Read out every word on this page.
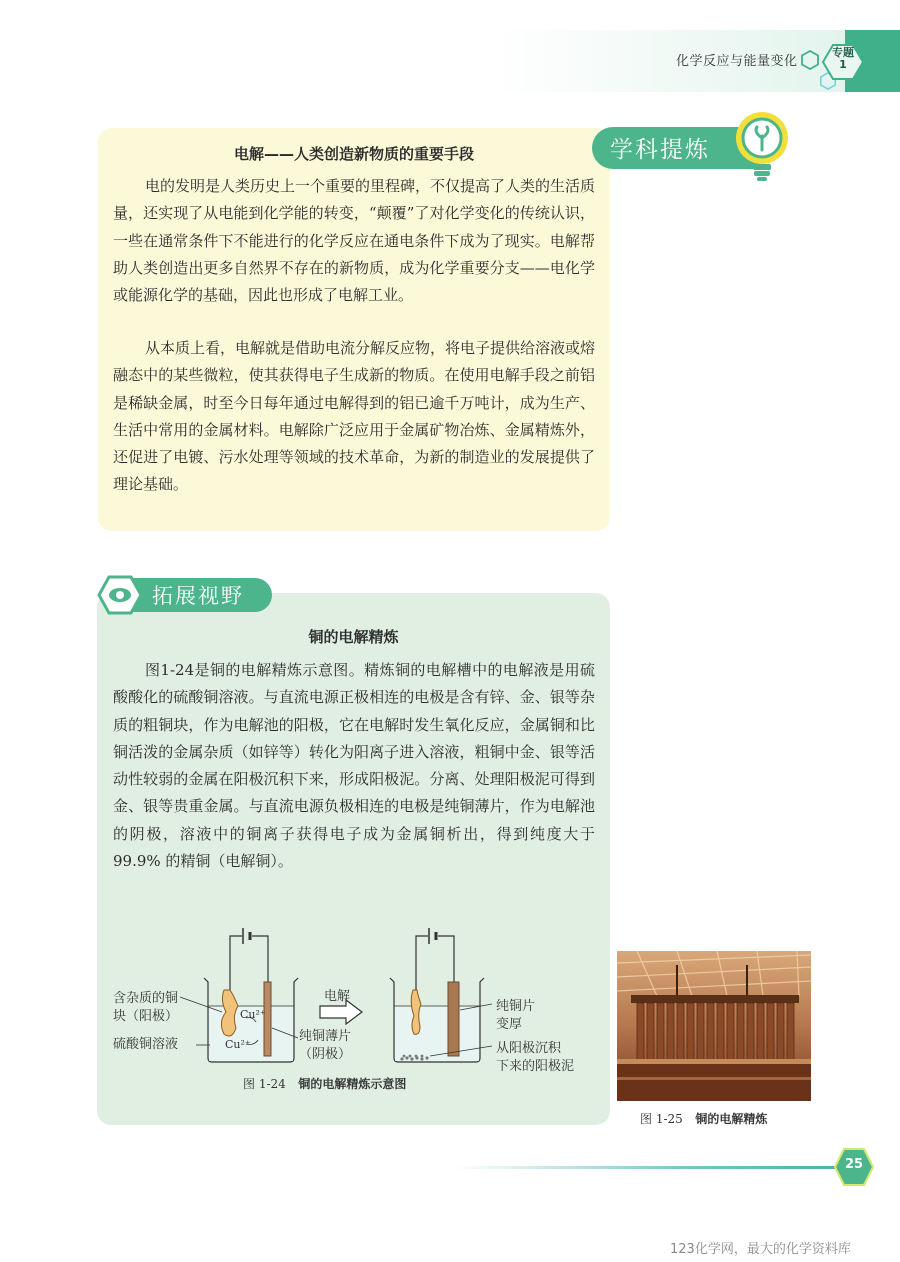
化学反应与能量变化
专题
1
学科提炼
电解——人类创造新物质的重要手段

电的发明是人类历史上一个重要的里程碑，不仅提高了人类的生活质量，还实现了从电能到化学能的转变，“颠覆”了对化学变化的传统认识，一些在通常条件下不能进行的化学反应在通电条件下成为了现实。电解帮助人类创造出更多自然界不存在的新物质，成为化学重要分支——电化学或能源化学的基础，因此也形成了电解工业。

从本质上看，电解就是借助电流分解反应物，将电子提供给溶液或熔融态中的某些微粒，使其获得电子生成新的物质。在使用电解手段之前铝是稀缺金属，时至今日每年通过电解得到的铝已逾千万吨计，成为生产、生活中常用的金属材料。电解除广泛应用于金属矿物冶炼、金属精炼外，还促进了电镀、污水处理等领域的技术革命，为新的制造业的发展提供了理论基础。

拓展视野
铜的电解精炼

图1-24是铜的电解精炼示意图。精炼铜的电解槽中的电解液是用硫酸酸化的硫酸铜溶液。与直流电源正极相连的电极是含有锌、金、银等杂质的粗铜块，作为电解池的阳极，它在电解时发生氧化反应，金属铜和比铜活泼的金属杂质（如锌等）转化为阳离子进入溶液，粗铜中金、银等活动性较弱的金属在阳极沉积下来，形成阳极泥。分离、处理阳极泥可得到金、银等贵重金属。与直流电源负极相连的电极是纯铜薄片，作为电解池的阴极，溶液中的铜离子获得电子成为金属铜析出，得到纯度大于99.9% 的精铜（电解铜）。

含杂质的铜
块（阳极）
硫酸铜溶液
Cu²⁺
Cu²⁺
电解
纯铜薄片
（阴极）
纯铜片
变厚
从阳极沉积
下来的阳极泥
图 1-24 铜的电解精炼示意图
图 1-25 铜的电解精炼
25
123化学网，最大的化学资料库
